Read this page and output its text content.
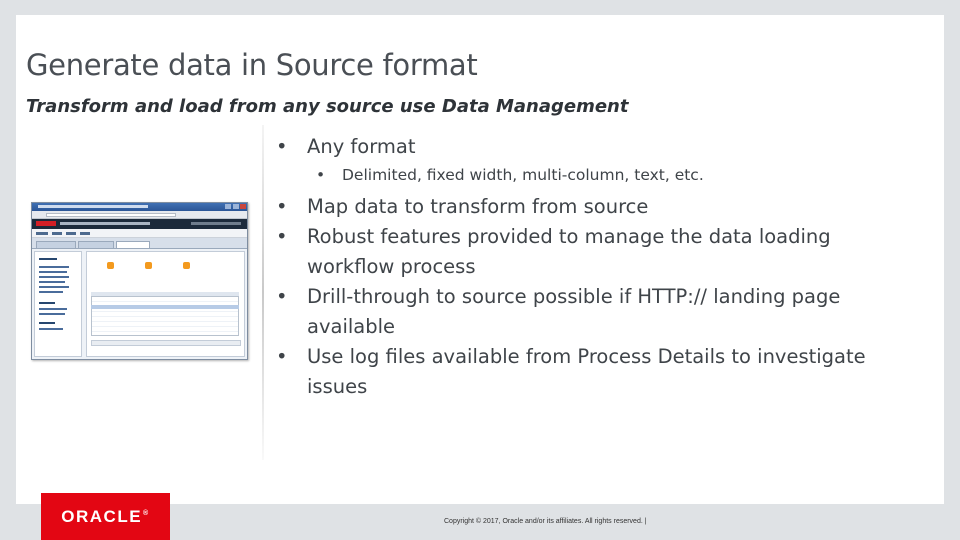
Generate data in Source format
Transform and load from any source use Data Management
• Any format
• Delimited, fixed width, multi-column, text, etc.
• Map data to transform from source
• Robust features provided to manage the data loading workflow process
• Drill-through to source possible if HTTP:// landing page available
• Use log files available from Process Details to investigate issues
ORACLE®
Copyright © 2017, Oracle and/or its affiliates. All rights reserved. |
